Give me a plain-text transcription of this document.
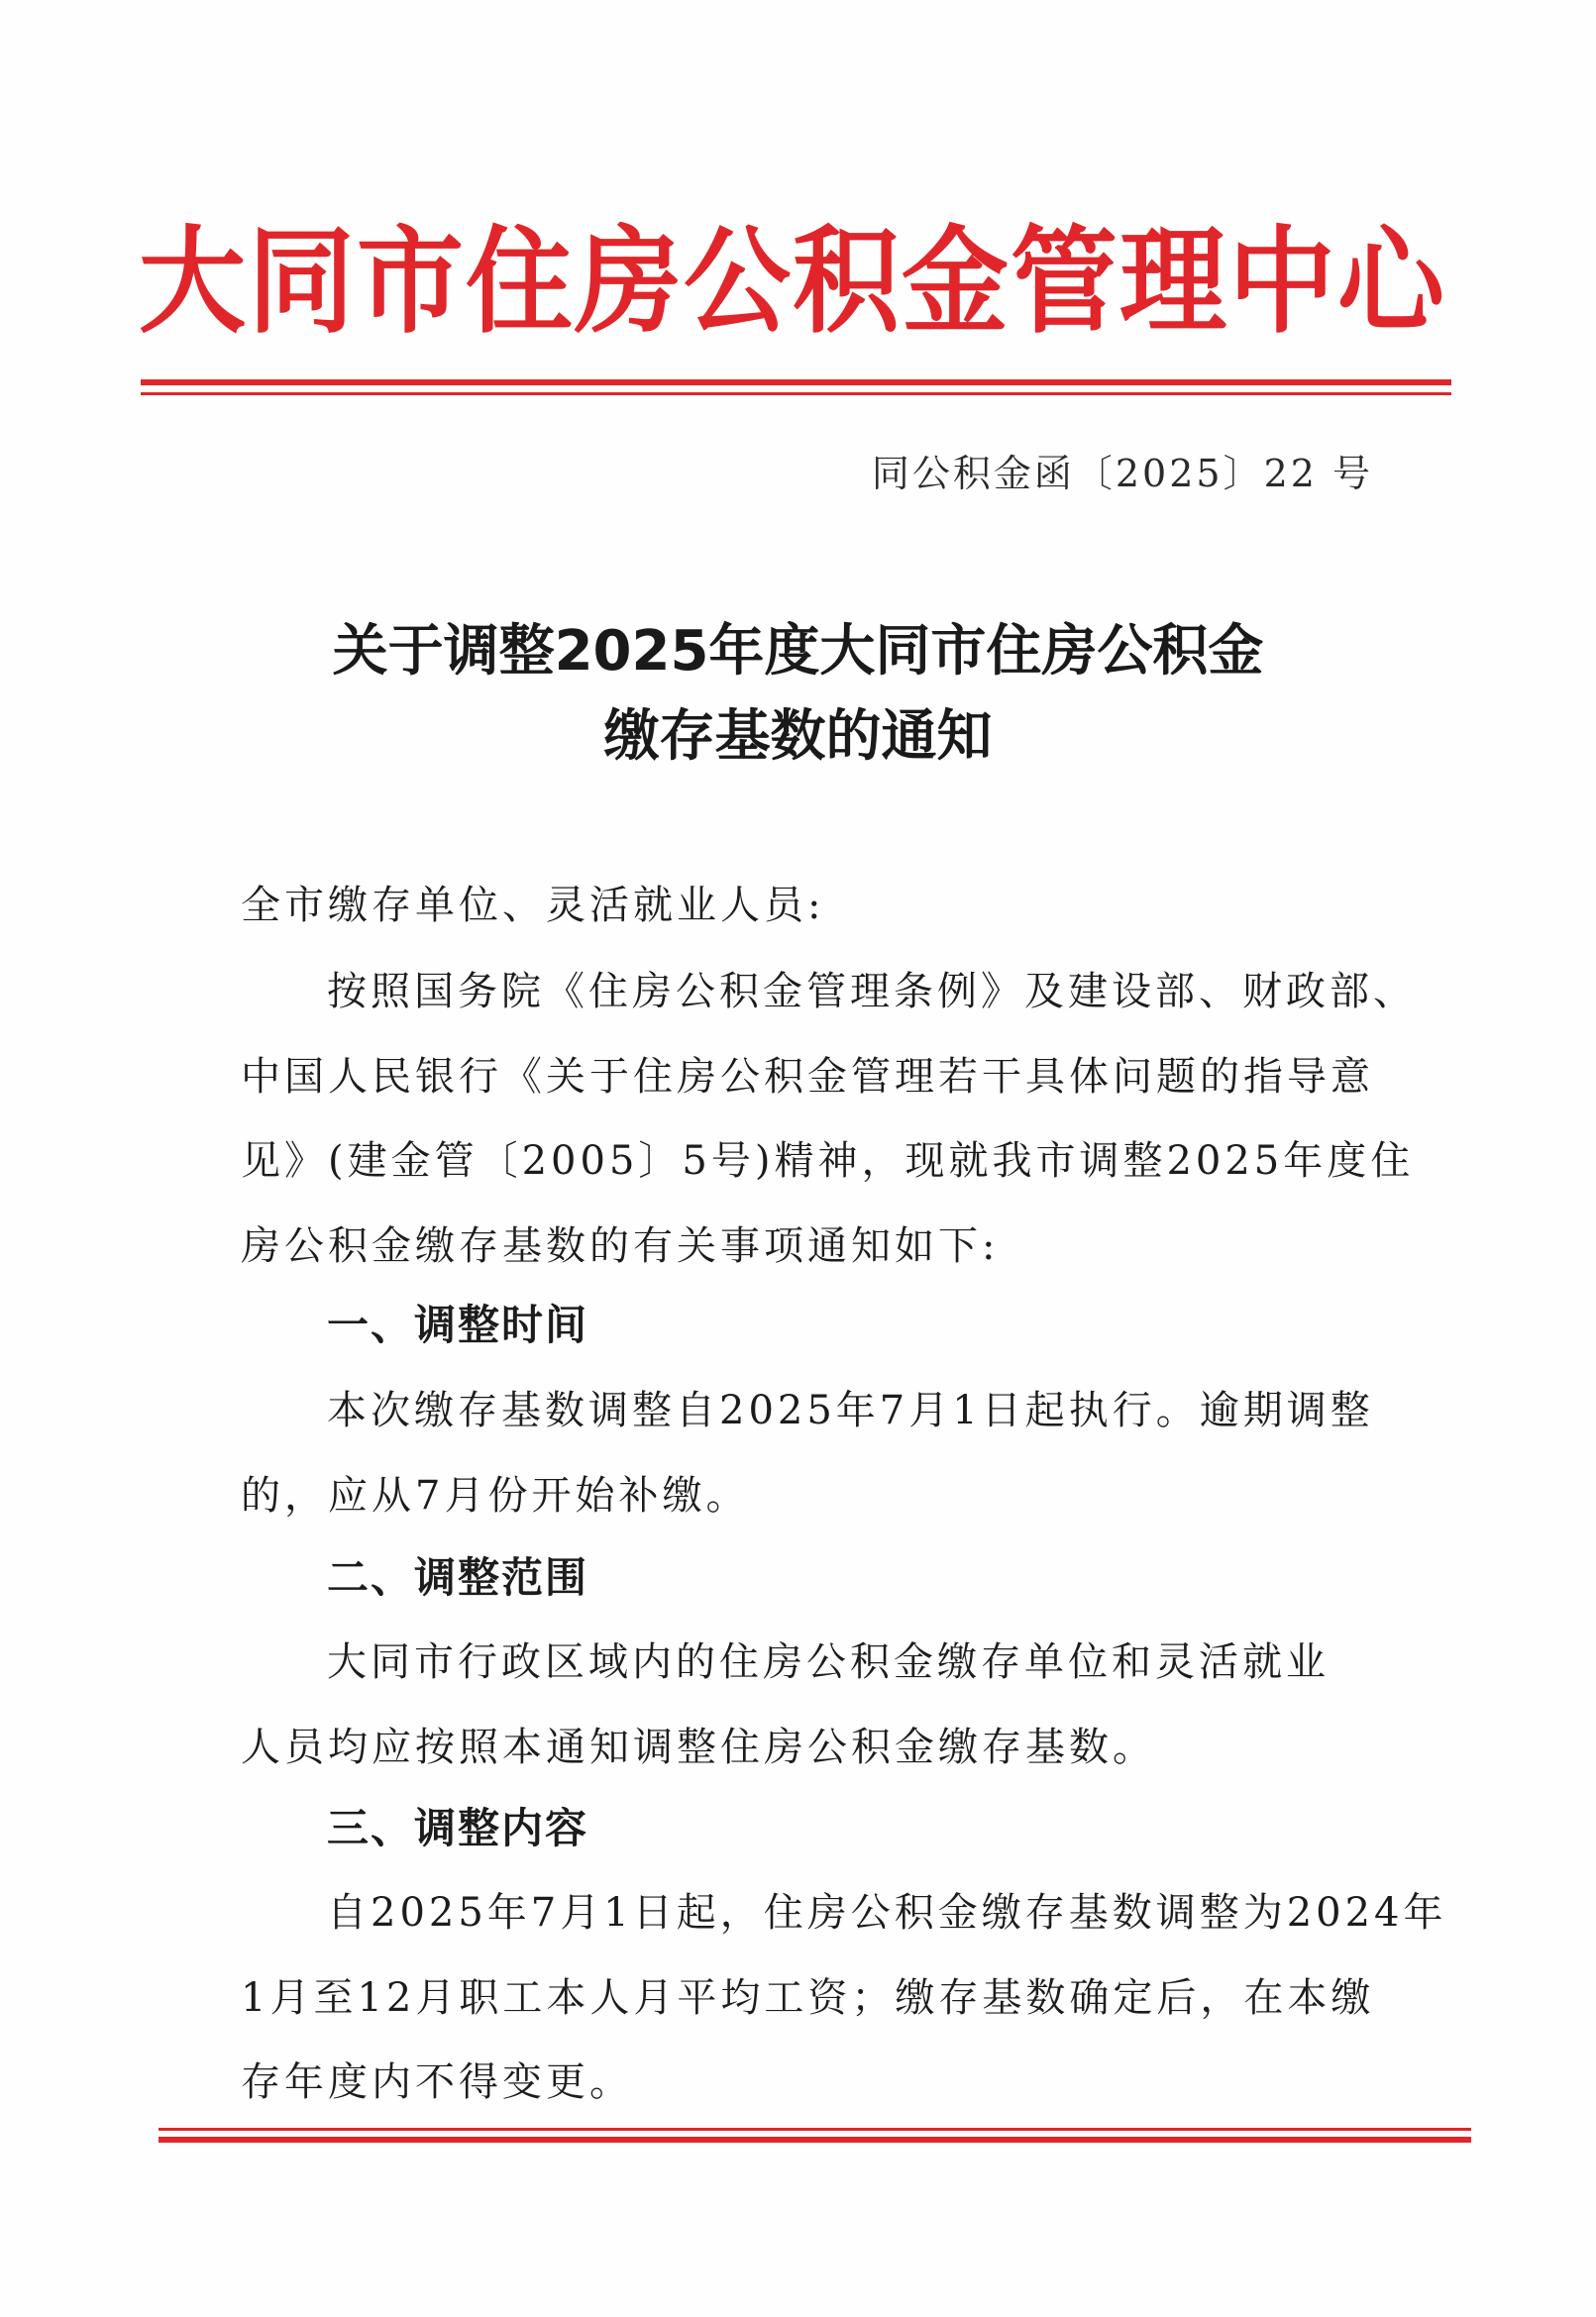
大同市住房公积金管理中心
同公积金函〔2025〕22 号
关于调整2025年度大同市住房公积金
缴存基数的通知
全市缴存单位、灵活就业人员:
按照国务院《住房公积金管理条例》及建设部、财政部、
中国人民银行《关于住房公积金管理若干具体问题的指导意
见》(建金管〔2005〕5号)精神，现就我市调整2025年度住
房公积金缴存基数的有关事项通知如下:
一、调整时间
本次缴存基数调整自2025年7月1日起执行。逾期调整
的，应从7月份开始补缴。
二、调整范围
大同市行政区域内的住房公积金缴存单位和灵活就业
人员均应按照本通知调整住房公积金缴存基数。
三、调整内容
自2025年7月1日起，住房公积金缴存基数调整为2024年
1月至12月职工本人月平均工资；缴存基数确定后，在本缴
存年度内不得变更。
